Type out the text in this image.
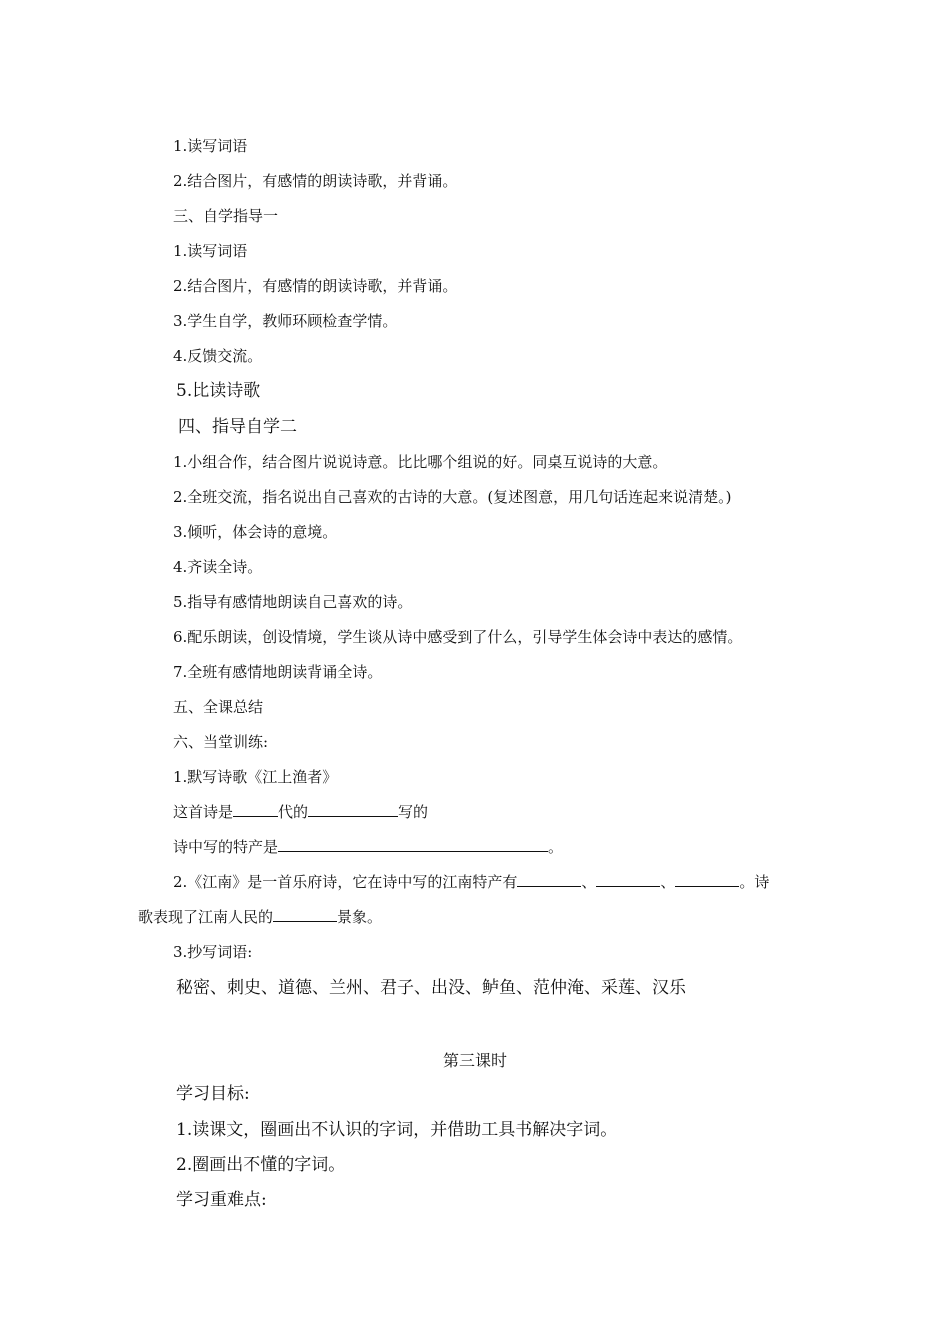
1.读写词语
2.结合图片，有感情的朗读诗歌，并背诵。
三、自学指导一
1.读写词语
2.结合图片，有感情的朗读诗歌，并背诵。
3.学生自学，教师环顾检查学情。
4.反馈交流。
5.比读诗歌
四、指导自学二
1.小组合作，结合图片说说诗意。比比哪个组说的好。同桌互说诗的大意。
2.全班交流，指名说出自己喜欢的古诗的大意。(复述图意，用几句话连起来说清楚。)
3.倾听，体会诗的意境。
4.齐读全诗。
5.指导有感情地朗读自己喜欢的诗。
6.配乐朗读，创设情境，学生谈从诗中感受到了什么，引导学生体会诗中表达的感情。
7.全班有感情地朗读背诵全诗。
五、全课总结
六、当堂训练:
1.默写诗歌《江上渔者》
这首诗是	代的	写的
诗中写的特产是	。
2.《江南》是一首乐府诗，它在诗中写的江南特产有	、	、	。诗
歌表现了江南人民的	景象。
3.抄写词语:
秘密、刺史、道德、兰州、君子、出没、鲈鱼、范仲淹、采莲、汉乐
第三课时
学习目标:
1.读课文，圈画出不认识的字词，并借助工具书解决字词。
2.圈画出不懂的字词。
学习重难点:
